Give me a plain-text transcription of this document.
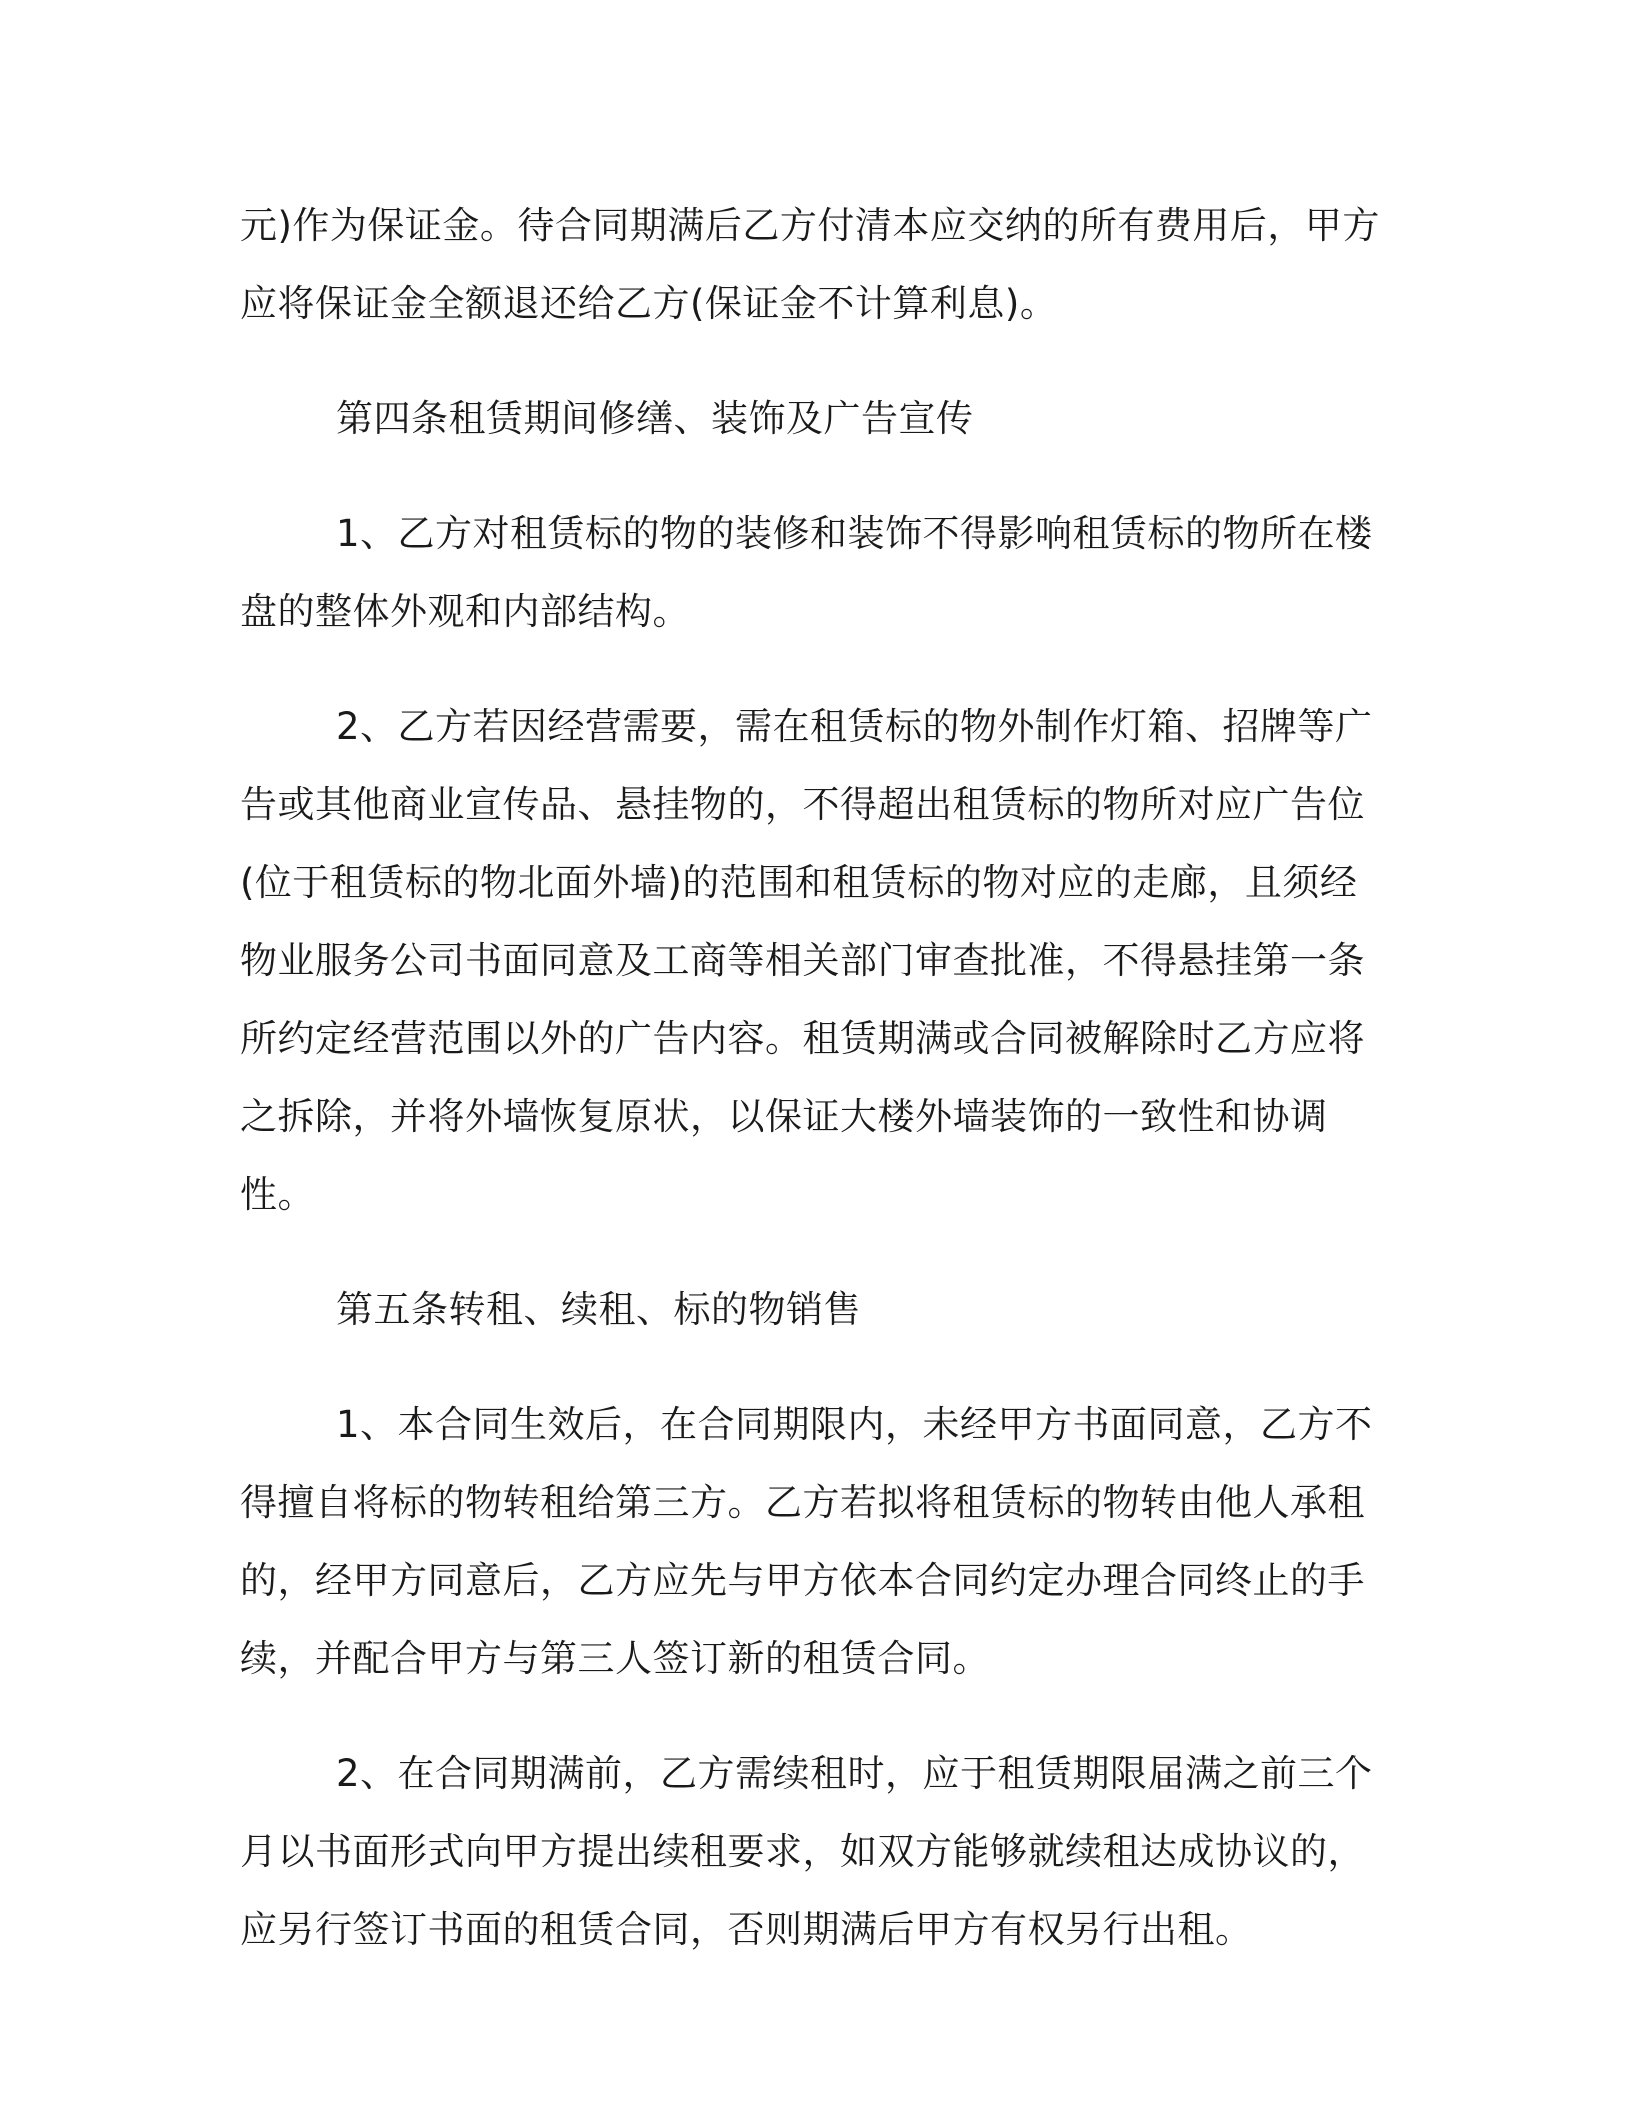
元)作为保证金。待合同期满后乙方付清本应交纳的所有费用后，甲方应将保证金全额退还给乙方(保证金不计算利息)。

第四条租赁期间修缮、装饰及广告宣传

1、乙方对租赁标的物的装修和装饰不得影响租赁标的物所在楼盘的整体外观和内部结构。

2、乙方若因经营需要，需在租赁标的物外制作灯箱、招牌等广告或其他商业宣传品、悬挂物的，不得超出租赁标的物所对应广告位(位于租赁标的物北面外墙)的范围和租赁标的物对应的走廊，且须经物业服务公司书面同意及工商等相关部门审查批准，不得悬挂第一条所约定经营范围以外的广告内容。租赁期满或合同被解除时乙方应将之拆除，并将外墙恢复原状，以保证大楼外墙装饰的一致性和协调性。

第五条转租、续租、标的物销售

1、本合同生效后，在合同期限内，未经甲方书面同意，乙方不得擅自将标的物转租给第三方。乙方若拟将租赁标的物转由他人承租的，经甲方同意后，乙方应先与甲方依本合同约定办理合同终止的手续，并配合甲方与第三人签订新的租赁合同。

2、在合同期满前，乙方需续租时，应于租赁期限届满之前三个月以书面形式向甲方提出续租要求，如双方能够就续租达成协议的，应另行签订书面的租赁合同，否则期满后甲方有权另行出租。
